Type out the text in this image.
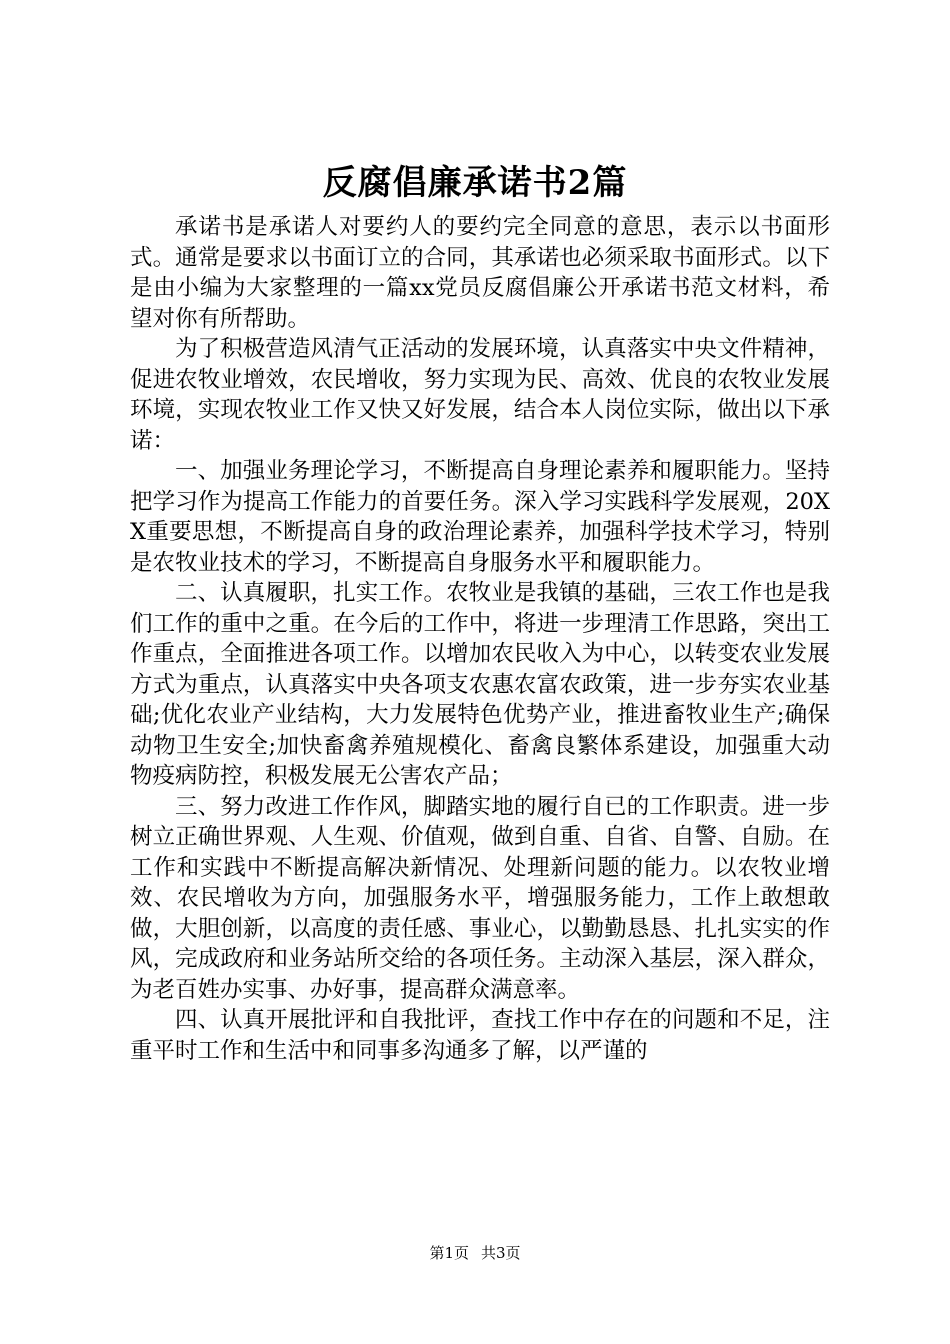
反腐倡廉承诺书2篇

承诺书是承诺人对要约人的要约完全同意的意思，表示以书面形式。通常是要求以书面订立的合同，其承诺也必须采取书面形式。以下是由小编为大家整理的一篇xx党员反腐倡廉公开承诺书范文材料，希望对你有所帮助。

为了积极营造风清气正活动的发展环境，认真落实中央文件精神，促进农牧业增效，农民增收，努力实现为民、高效、优良的农牧业发展环境，实现农牧业工作又快又好发展，结合本人岗位实际，做出以下承诺：

一、加强业务理论学习，不断提高自身理论素养和履职能力。坚持把学习作为提高工作能力的首要任务。深入学习实践科学发展观，20XX重要思想，不断提高自身的政治理论素养，加强科学技术学习，特别是农牧业技术的学习，不断提高自身服务水平和履职能力。

二、认真履职，扎实工作。农牧业是我镇的基础，三农工作也是我们工作的重中之重。在今后的工作中，将进一步理清工作思路，突出工作重点，全面推进各项工作。以增加农民收入为中心，以转变农业发展方式为重点，认真落实中央各项支农惠农富农政策，进一步夯实农业基础;优化农业产业结构，大力发展特色优势产业，推进畜牧业生产;确保动物卫生安全;加快畜禽养殖规模化、畜禽良繁体系建设，加强重大动物疫病防控，积极发展无公害农产品；

三、努力改进工作作风，脚踏实地的履行自已的工作职责。进一步树立正确世界观、人生观、价值观，做到自重、自省、自警、自励。在工作和实践中不断提高解决新情况、处理新问题的能力。以农牧业增效、农民增收为方向，加强服务水平，增强服务能力，工作上敢想敢做，大胆创新，以高度的责任感、事业心，以勤勤恳恳、扎扎实实的作风，完成政府和业务站所交给的各项任务。主动深入基层，深入群众，为老百姓办实事、办好事，提高群众满意率。

四、认真开展批评和自我批评，查找工作中存在的问题和不足，注重平时工作和生活中和同事多沟通多了解，以严谨的

第1页 共3页
